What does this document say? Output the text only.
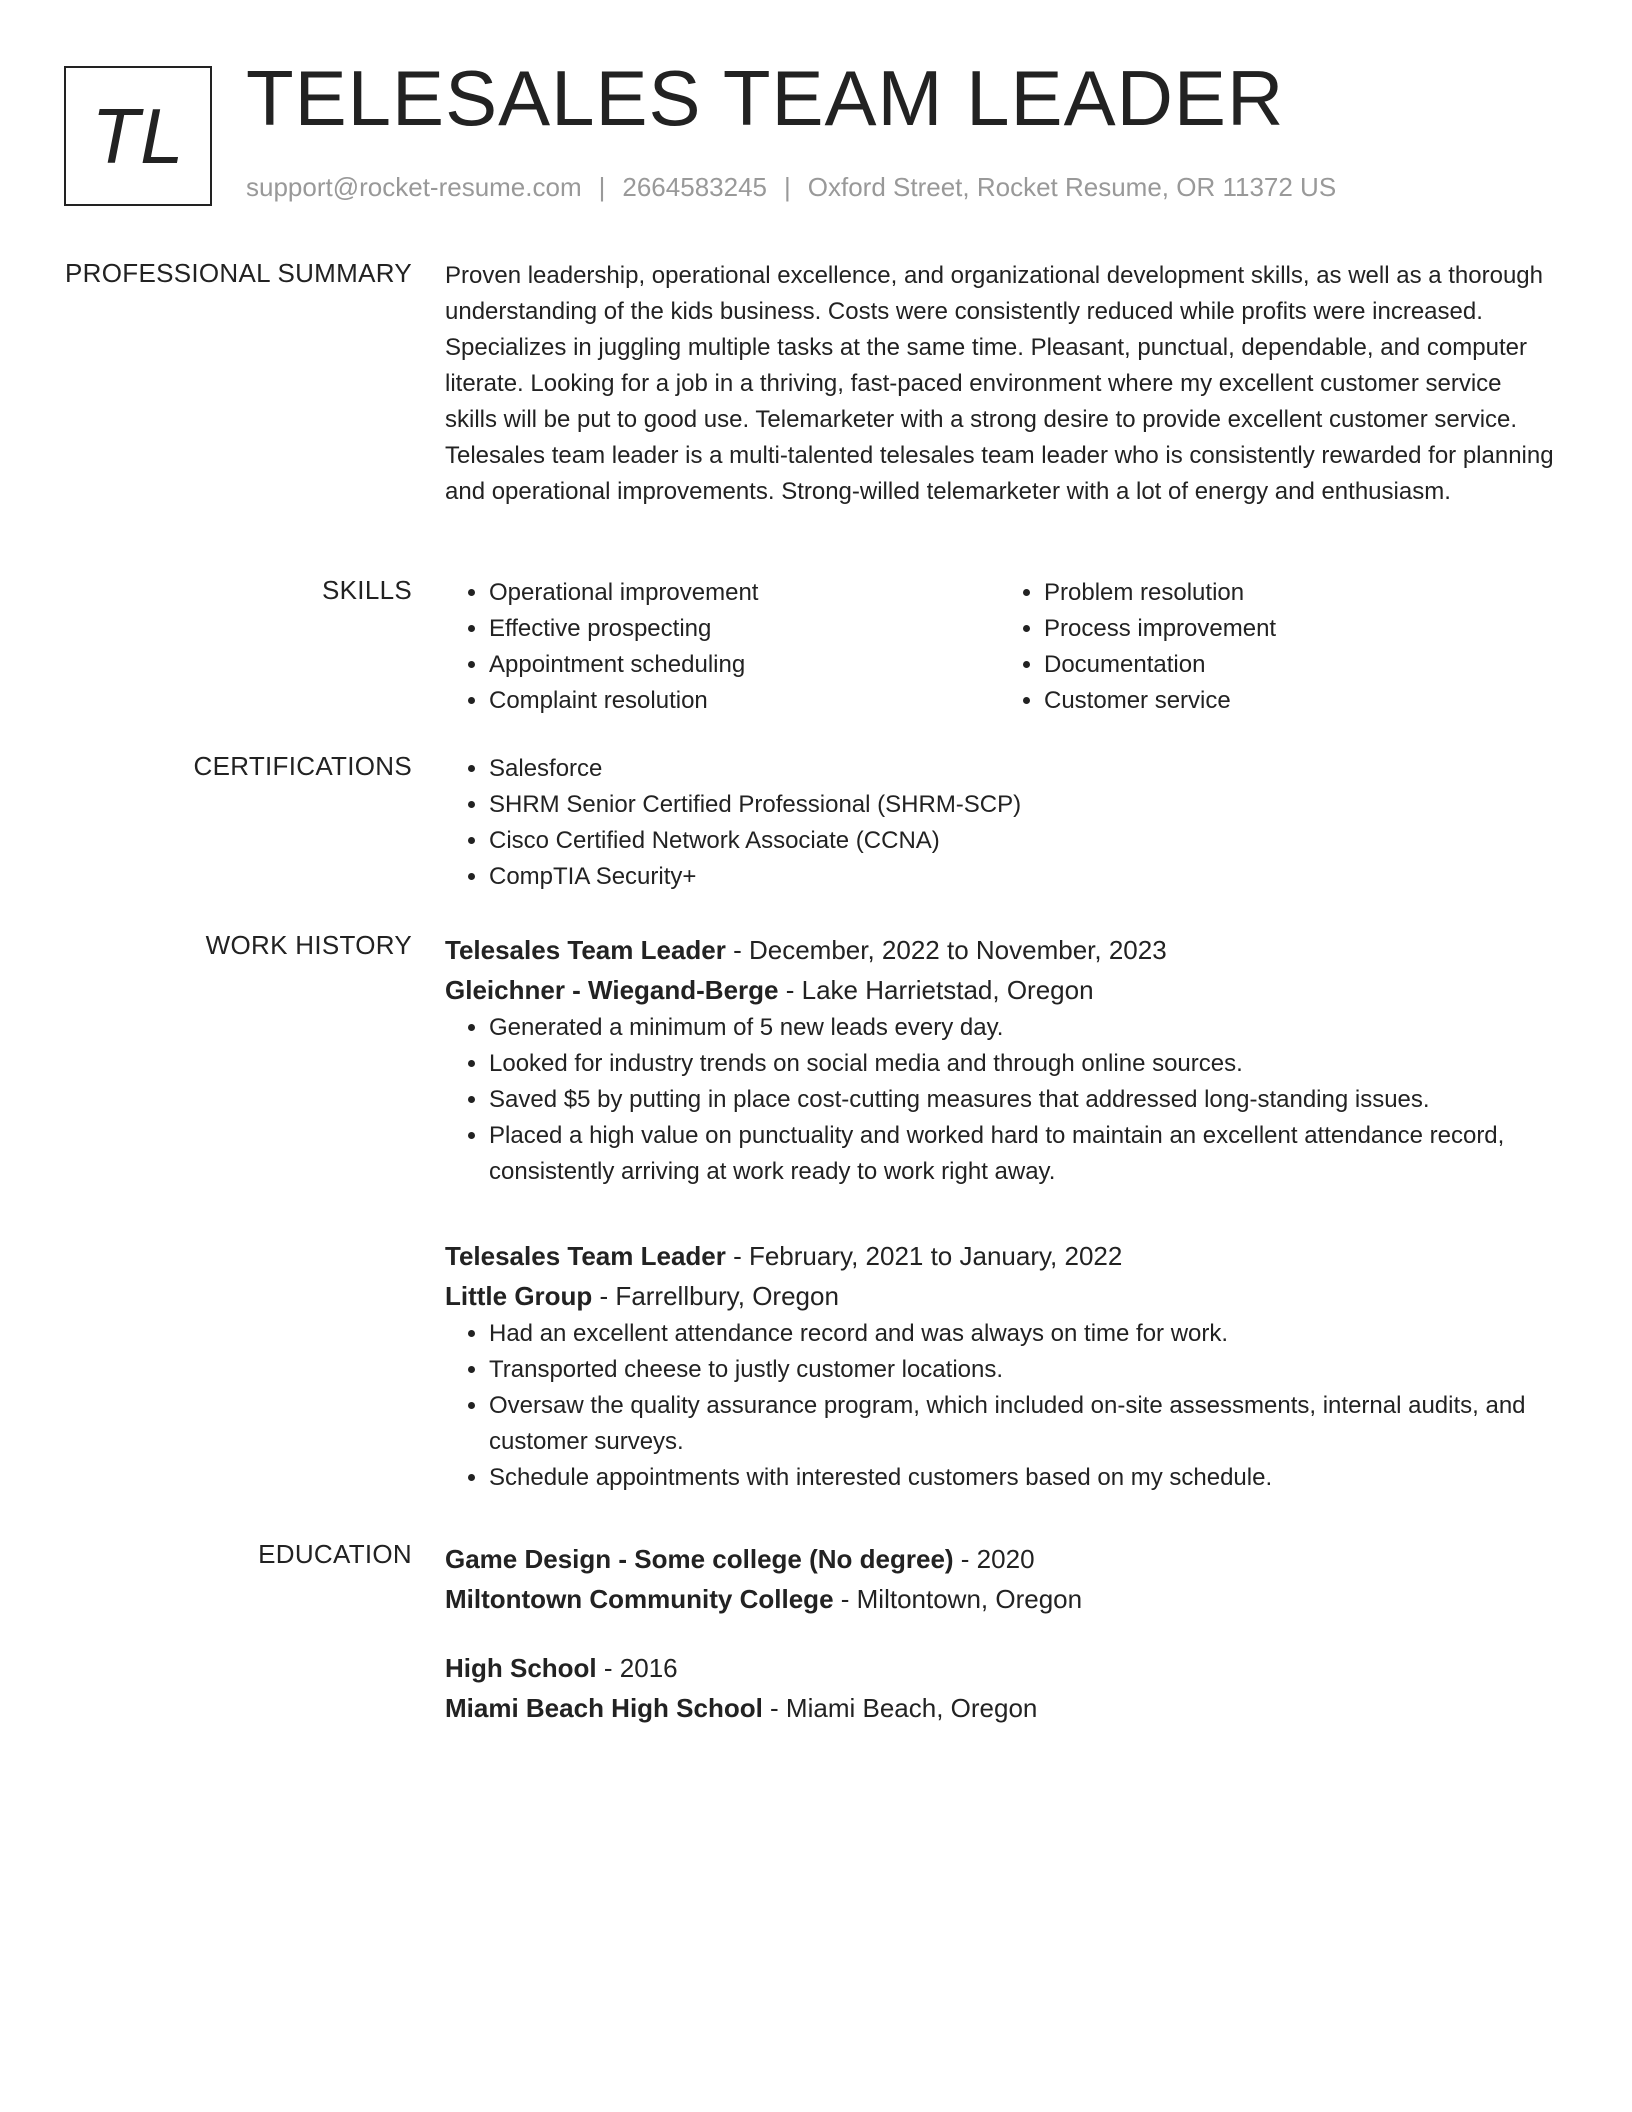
TL TELESALES TEAM LEADER
support@rocket-resume.com | 2664583245 | Oxford Street, Rocket Resume, OR 11372 US
PROFESSIONAL SUMMARY Proven leadership, operational excellence, and organizational development skills, as well as a thorough understanding of the kids business. Costs were consistently reduced while profits were increased. Specializes in juggling multiple tasks at the same time. Pleasant, punctual, dependable, and computer literate. Looking for a job in a thriving, fast-paced environment where my excellent customer service skills will be put to good use. Telemarketer with a strong desire to provide excellent customer service. Telesales team leader is a multi-talented telesales team leader who is consistently rewarded for planning and operational improvements. Strong-willed telemarketer with a lot of energy and enthusiasm.

SKILLS	• Operational improvement
• Effective prospecting
• Appointment scheduling
• Complaint resolution
• Problem resolution
• Process improvement
• Documentation
• Customer service
CERTIFICATIONS	• Salesforce
• SHRM Senior Certified Professional (SHRM-SCP)
• Cisco Certified Network Associate (CCNA)
• CompTIA Security+
WORK HISTORY Telesales Team Leader - December, 2022 to November, 2023
Gleichner - Wiegand-Berge - Lake Harrietstad, Oregon
• Generated a minimum of 5 new leads every day.
• Looked for industry trends on social media and through online sources.
• Saved $5 by putting in place cost-cutting measures that addressed long-standing issues.
• Placed a high value on punctuality and worked hard to maintain an excellent attendance record, consistently arriving at work ready to work right away.
Telesales Team Leader - February, 2021 to January, 2022
Little Group - Farrellbury, Oregon
• Had an excellent attendance record and was always on time for work.
• Transported cheese to justly customer locations.
• Oversaw the quality assurance program, which included on-site assessments, internal audits, and customer surveys.
• Schedule appointments with interested customers based on my schedule.
EDUCATION Game Design - Some college (No degree) - 2020
Miltontown Community College - Miltontown, Oregon
High School - 2016
Miami Beach High School - Miami Beach, Oregon
